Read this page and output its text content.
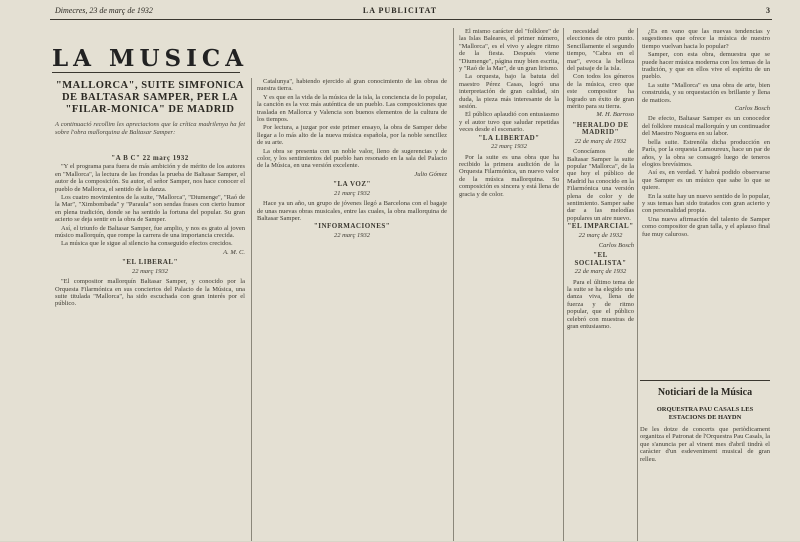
Dimecres, 23 de març de 1932	LA PUBLICITAT	3
LA MUSICA
"MALLORCA", SUITE SIMFONICA DE BALTASAR SAMPER, PER LA "FILAR-MONICA" DE MADRID
A continuació recollim les apreciacions que la crítica madrilenya ha fet sobre l'obra mallorquina de Baltasar Samper:

"A B C" 22 març 1932

"Y el programa para fuera de más ambición y de mérito de los autores en "Mallorca", la lectura de las frondas la prueba de Baltasar Samper, el autor de la composición. Su autor, el señor Samper, nos hace conocer el pueblo de Mallorca, el sentido de la danza.

Los cuatro movimientos de la suite, "Mallorca", "Diumenge", "Raó de la Mar", "Ximbombada" y "Paraula" son sendas frases con cierto humor en plena tradición, donde se ha sentido la fortuna del popular. Su gran acierto se deja sentir en la obra de Samper.

Así, el triunfo de Baltasar Samper, fue amplio, y nos es grato al joven músico mallorquín, que rompe la carrera de una importancia crecida.

La música que le sigue al silencio ha conseguido efectos crecidos.

A. M. C.

"EL LIBERAL"

22 març 1932

"El compositor mallorquín Baltasar Samper, y conocido por la Orquesta Filarmónica en sus conciertos del Palacio de la Música, una suite titulada "Mallorca", ha sido escuchada con gran interés por el público.

Catalunya", habiendo ejercido al gran conocimiento de las obras de nuestra tierra.

Y es que en la vida de la música de la isla, la conciencia de lo popular, la canción es la voz más auténtica de un pueblo. Las composiciones que traslada en Mallorca y Valencia son buenos elementos de la cultura de los tiempos.

Por lectura, a juzgar por este primer ensayo, la obra de Samper debe llegar a lo más alto de la nueva música española, por la noble sencillez de su arte.

La obra se presenta con un noble valor, lleno de sugerencias y de color, y los sentimientos del pueblo han resonado en la sala del Palacio de la Música, en una versión excelente.

Julio Gómez

"LA VOZ"

21 març 1932

Hace ya un año, un grupo de jóvenes llegó a Barcelona con el bagaje de unas nuevas obras musicales, entre las cuales, la obra mallorquina de Baltasar Samper.

"INFORMACIONES"

22 març 1932

El mismo carácter del "folklore" de las Islas Baleares, el primer número, "Mallorca", es el vivo y alegre ritmo de la fiesta. Después viene "Diumenge", página muy bien escrita, y "Raó de la Mar", de un gran lirismo.

La orquesta, bajo la batuta del maestro Pérez Casas, logró una interpretación de gran calidad, sin duda, la pieza más interesante de la sesión.

El público aplaudió con entusiasmo y el autor tuvo que saludar repetidas veces desde el escenario.

"LA LIBERTAD"

22 març 1932

Por la suite es una obra que ha recibido la primera audición de la Orquesta Filarmónica, un nuevo valor de la música mallorquina. Su composición es sincera y está llena de gracia y de color.

necesidad de elecciones de otro punto. Sencillamente el segundo tiempo, "Cabra en el mar", evoca la belleza del paisaje de la isla.

Con todos los géneros de la música, creo que este compositor ha logrado un éxito de gran mérito para su tierra.

M. H. Barroso

"HERALDO DE MADRID"

22 de març de 1932

Conocíamos de Baltasar Samper la suite popular "Mallorca", de la que hoy el público de Madrid ha conocido en la Filarmónica una versión plena de color y de sentimiento. Samper sabe dar a las melodías populares un aire nuevo.

"EL IMPARCIAL"

22 març de 1932
Carlos Bosch

"EL SOCIALISTA"

22 de març de 1932

Para el último tema de la suite se ha elegido una danza viva, llena de fuerza y de ritmo popular, que el público celebró con muestras de gran entusiasmo.

¿Es en vano que las nuevas tendencias y sugestiones que ofrece la música de nuestro tiempo vuelvan hacia lo popular?

Samper, con esta obra, demuestra que se puede hacer música moderna con los temas de la tradición, y que en ellos vive el espíritu de un pueblo.

La suite "Mallorca" es una obra de arte, bien construida, y su orquestación es brillante y llena de matices.

Carlos Bosch

De efecto, Baltasar Samper es un conocedor del folklore musical mallorquín y un continuador del Maestro Noguera en su labor.

bella suite. Estrenóla dicha producción en París, por la orquesta Lamoureux, hace un par de años, y la obra se consagró luego de teneros elogios brevísimos.

Así es, en verdad. Y habrá podido observarse que Samper es un músico que sabe lo que se quiere.

En la suite hay un nuevo sentido de lo popular, y sus temas han sido tratados con gran acierto y con personalidad propia.

Una nueva afirmación del talento de Samper como compositor de gran talla, y el aplauso final fue muy caluroso.

Noticiari de la Música
ORQUESTRA PAU CASALS LES ESTACIONS DE HAYDN
De les dotze de concerts que periòdicament organitza el Patronat de l'Orquestra Pau Casals, la que s'anuncia per al vinent mes d'abril tindrà el caràcter d'un esdeveniment musical de gran relleu.
